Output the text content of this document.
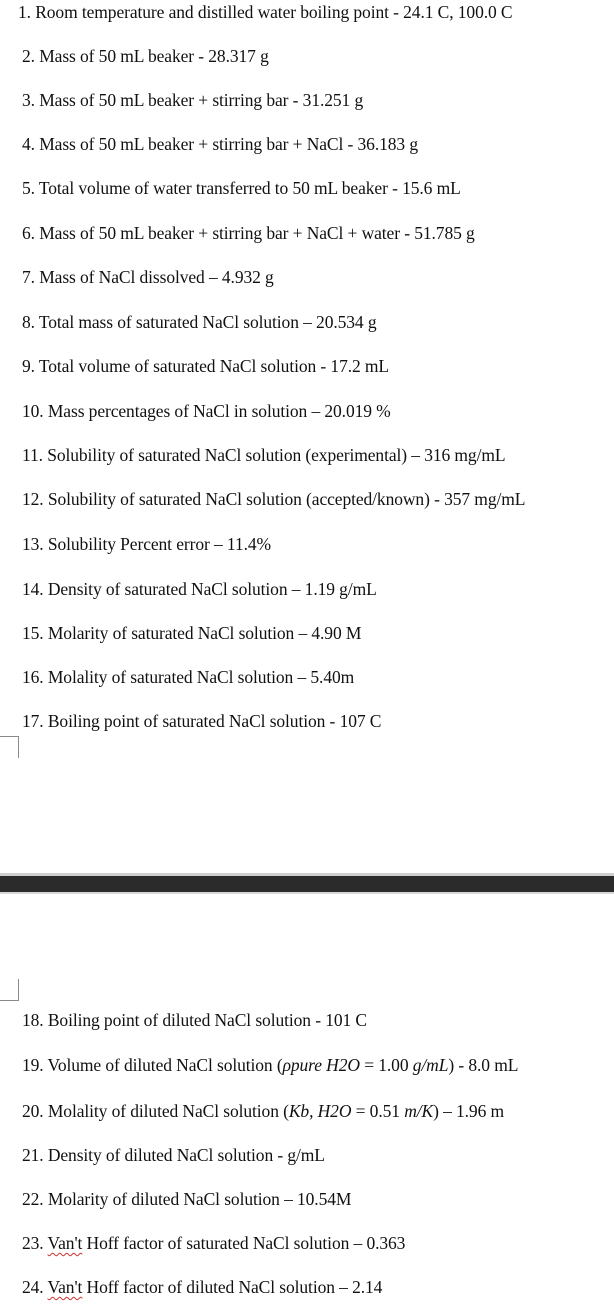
1. Room temperature and distilled water boiling point - 24.1 C, 100.0 C
2. Mass of 50 mL beaker - 28.317 g
3. Mass of 50 mL beaker + stirring bar - 31.251 g
4. Mass of 50 mL beaker + stirring bar + NaCl - 36.183 g
5. Total volume of water transferred to 50 mL beaker - 15.6 mL
6. Mass of 50 mL beaker + stirring bar + NaCl + water - 51.785 g
7. Mass of NaCl dissolved – 4.932 g
8. Total mass of saturated NaCl solution – 20.534 g
9. Total volume of saturated NaCl solution - 17.2 mL
10. Mass percentages of NaCl in solution – 20.019 %
11. Solubility of saturated NaCl solution (experimental) – 316 mg/mL
12. Solubility of saturated NaCl solution (accepted/known) - 357 mg/mL
13. Solubility Percent error – 11.4%
14. Density of saturated NaCl solution – 1.19 g/mL
15. Molarity of saturated NaCl solution – 4.90 M
16. Molality of saturated NaCl solution – 5.40m
17. Boiling point of saturated NaCl solution - 107 C
18. Boiling point of diluted NaCl solution - 101 C
19. Volume of diluted NaCl solution (ρpure H2O = 1.00 g/mL) - 8.0 mL
20. Molality of diluted NaCl solution (Kb, H2O = 0.51 m/K) – 1.96 m
21. Density of diluted NaCl solution - g/mL
22. Molarity of diluted NaCl solution – 10.54M
23. Van't Hoff factor of saturated NaCl solution – 0.363
24. Van't Hoff factor of diluted NaCl solution – 2.14
